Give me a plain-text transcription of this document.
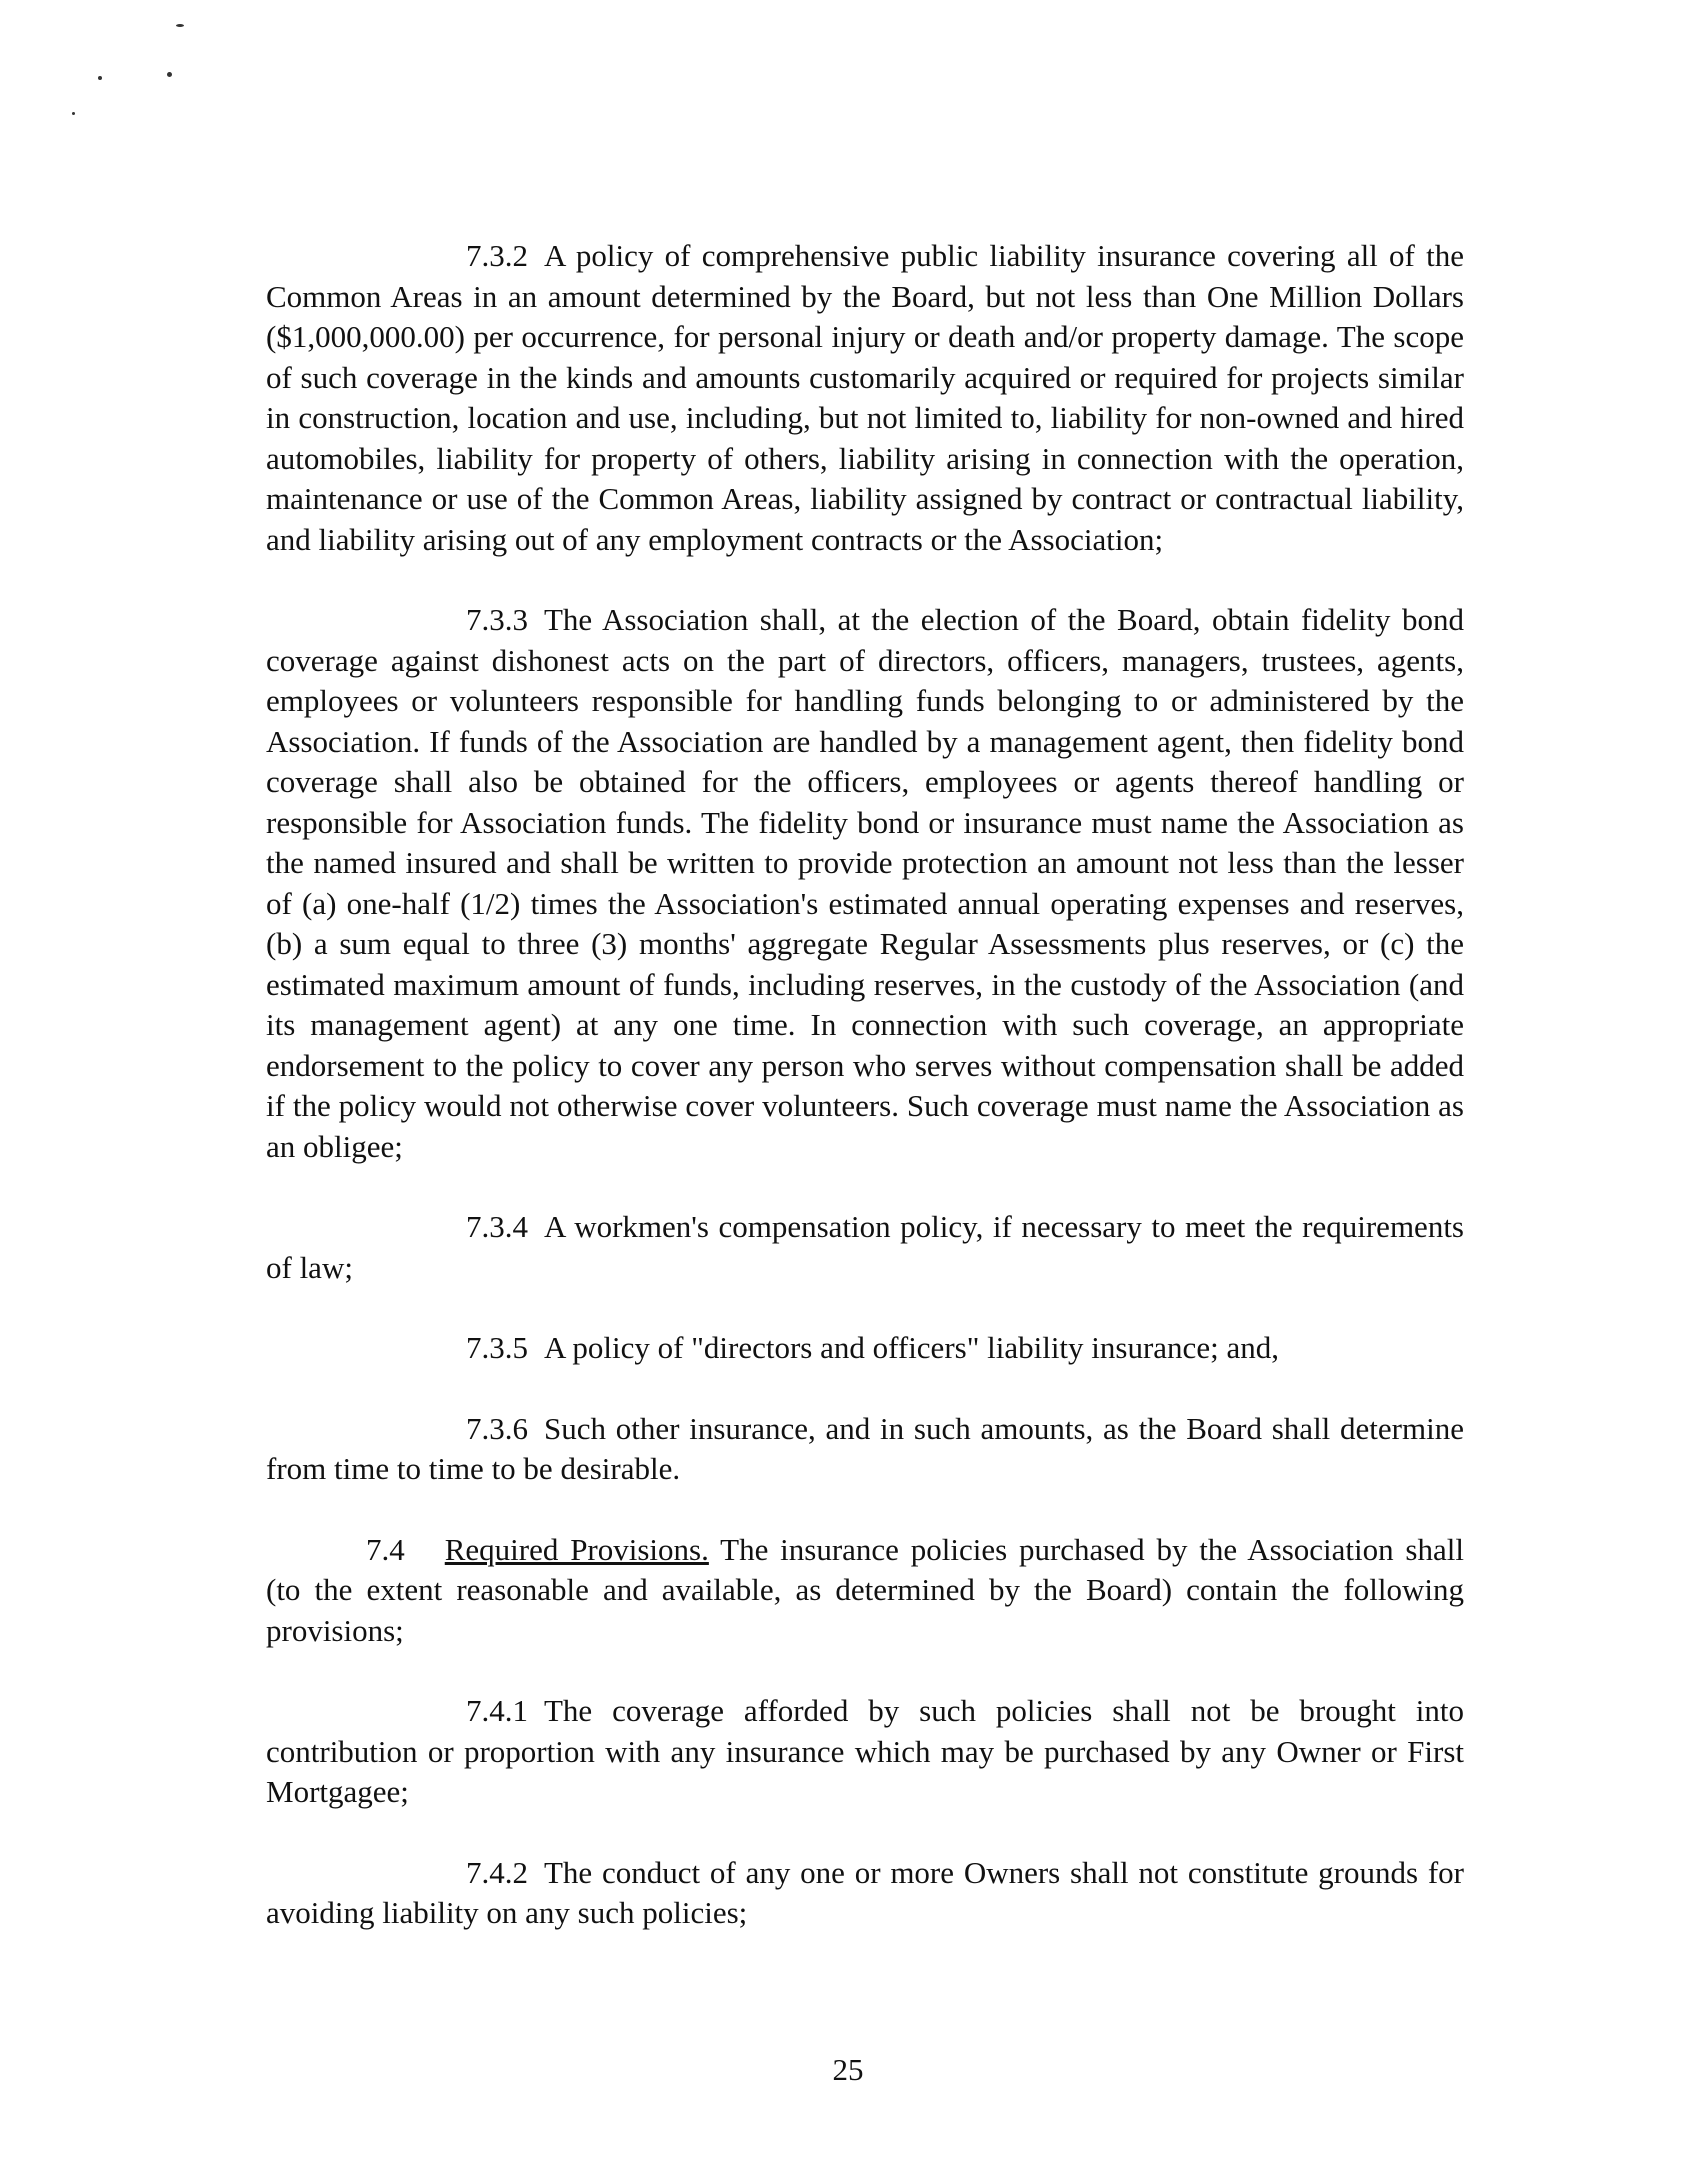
7.3.2 A policy of comprehensive public liability insurance covering all of the Common Areas in an amount determined by the Board, but not less than One Million Dollars ($1,000,000.00) per occurrence, for personal injury or death and/or property damage. The scope of such coverage in the kinds and amounts customarily acquired or required for projects similar in construction, location and use, including, but not limited to, liability for non-owned and hired automobiles, liability for property of others, liability arising in connection with the operation, maintenance or use of the Common Areas, liability assigned by contract or contractual liability, and liability arising out of any employment contracts or the Association;

7.3.3 The Association shall, at the election of the Board, obtain fidelity bond coverage against dishonest acts on the part of directors, officers, managers, trustees, agents, employees or volunteers responsible for handling funds belonging to or administered by the Association. If funds of the Association are handled by a management agent, then fidelity bond coverage shall also be obtained for the officers, employees or agents thereof handling or responsible for Association funds. The fidelity bond or insurance must name the Association as the named insured and shall be written to provide protection an amount not less than the lesser of (a) one-half (1/2) times the Association's estimated annual operating expenses and reserves, (b) a sum equal to three (3) months' aggregate Regular Assessments plus reserves, or (c) the estimated maximum amount of funds, including reserves, in the custody of the Association (and its management agent) at any one time. In connection with such coverage, an appropriate endorsement to the policy to cover any person who serves without compensation shall be added if the policy would not otherwise cover volunteers. Such coverage must name the Association as an obligee;

7.3.4 A workmen's compensation policy, if necessary to meet the requirements of law;

7.3.5 A policy of "directors and officers" liability insurance; and,

7.3.6 Such other insurance, and in such amounts, as the Board shall determine from time to time to be desirable.

7.4 Required Provisions. The insurance policies purchased by the Association shall (to the extent reasonable and available, as determined by the Board) contain the following provisions;

7.4.1 The coverage afforded by such policies shall not be brought into contribution or proportion with any insurance which may be purchased by any Owner or First Mortgagee;

7.4.2 The conduct of any one or more Owners shall not constitute grounds for avoiding liability on any such policies;

25
